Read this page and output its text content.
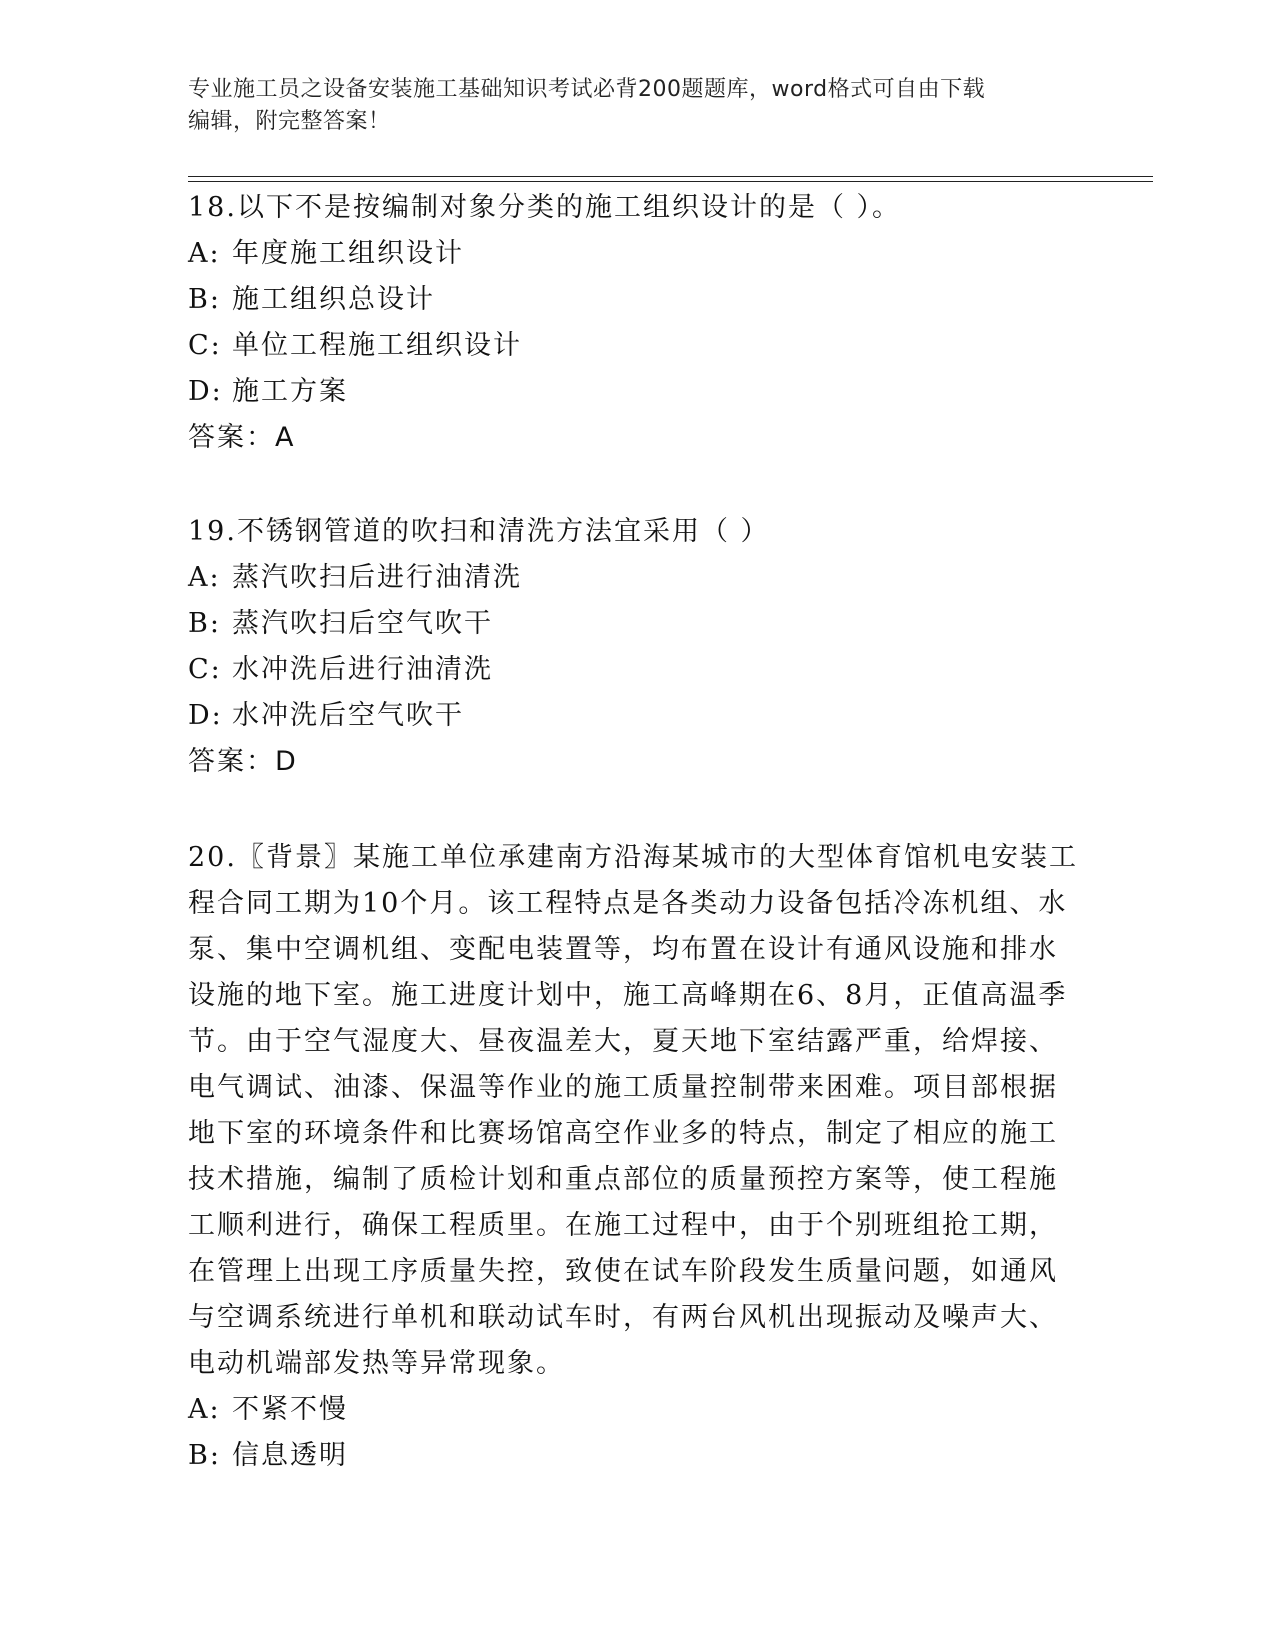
专业施工员之设备安装施工基础知识考试必背200题题库，word格式可自由下载
编辑，附完整答案！
18.以下不是按编制对象分类的施工组织设计的是（ ）。
A: 年度施工组织设计
B: 施工组织总设计
C: 单位工程施工组织设计
D: 施工方案
答案：A
19.不锈钢管道的吹扫和清洗方法宜采用（ ）
A: 蒸汽吹扫后进行油清洗
B: 蒸汽吹扫后空气吹干
C: 水冲洗后进行油清洗
D: 水冲洗后空气吹干
答案：D
20.〖背景〗某施工单位承建南方沿海某城市的大型体育馆机电安装工
程合同工期为10个月。该工程特点是各类动力设备包括冷冻机组、水
泵、集中空调机组、变配电装置等，均布置在设计有通风设施和排水
设施的地下室。施工进度计划中，施工高峰期在6、8月，正值高温季
节。由于空气湿度大、昼夜温差大，夏天地下室结露严重，给焊接、
电气调试、油漆、保温等作业的施工质量控制带来困难。项目部根据
地下室的环境条件和比赛场馆高空作业多的特点，制定了相应的施工
技术措施，编制了质检计划和重点部位的质量预控方案等，使工程施
工顺利进行，确保工程质里。在施工过程中，由于个别班组抢工期，
在管理上出现工序质量失控，致使在试车阶段发生质量问题，如通风
与空调系统进行单机和联动试车时，有两台风机出现振动及噪声大、
电动机端部发热等异常现象。
A: 不紧不慢
B: 信息透明
